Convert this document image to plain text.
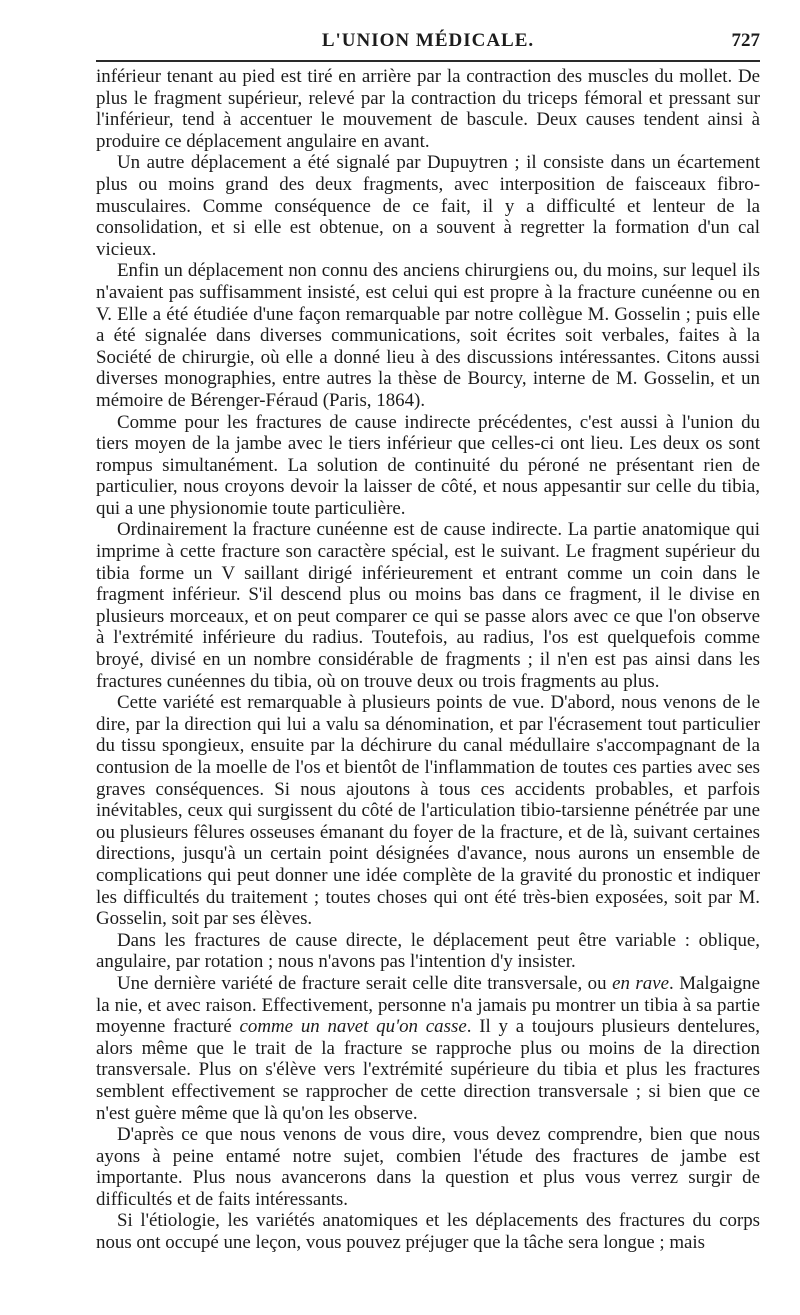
L'UNION MÉDICALE.	727

inférieur tenant au pied est tiré en arrière par la contraction des muscles du mollet. De plus le fragment supérieur, relevé par la contraction du triceps fémoral et pressant sur l'inférieur, tend à accentuer le mouvement de bascule. Deux causes tendent ainsi à produire ce déplacement angulaire en avant.

Un autre déplacement a été signalé par Dupuytren ; il consiste dans un écartement plus ou moins grand des deux fragments, avec interposition de faisceaux fibro-musculaires. Comme conséquence de ce fait, il y a difficulté et lenteur de la consolidation, et si elle est obtenue, on a souvent à regretter la formation d'un cal vicieux.

Enfin un déplacement non connu des anciens chirurgiens ou, du moins, sur lequel ils n'avaient pas suffisamment insisté, est celui qui est propre à la fracture cunéenne ou en V. Elle a été étudiée d'une façon remarquable par notre collègue M. Gosselin ; puis elle a été signalée dans diverses communications, soit écrites soit verbales, faites à la Société de chirurgie, où elle a donné lieu à des discussions intéressantes. Citons aussi diverses monographies, entre autres la thèse de Bourcy, interne de M. Gosselin, et un mémoire de Bérenger-Féraud (Paris, 1864).

Comme pour les fractures de cause indirecte précédentes, c'est aussi à l'union du tiers moyen de la jambe avec le tiers inférieur que celles-ci ont lieu. Les deux os sont rompus simultanément. La solution de continuité du péroné ne présentant rien de particulier, nous croyons devoir la laisser de côté, et nous appesantir sur celle du tibia, qui a une physionomie toute particulière.

Ordinairement la fracture cunéenne est de cause indirecte. La partie anatomique qui imprime à cette fracture son caractère spécial, est le suivant. Le fragment supérieur du tibia forme un V saillant dirigé inférieurement et entrant comme un coin dans le fragment inférieur. S'il descend plus ou moins bas dans ce fragment, il le divise en plusieurs morceaux, et on peut comparer ce qui se passe alors avec ce que l'on observe à l'extrémité inférieure du radius. Toutefois, au radius, l'os est quelquefois comme broyé, divisé en un nombre considérable de fragments ; il n'en est pas ainsi dans les fractures cunéennes du tibia, où on trouve deux ou trois fragments au plus.

Cette variété est remarquable à plusieurs points de vue. D'abord, nous venons de le dire, par la direction qui lui a valu sa dénomination, et par l'écrasement tout particulier du tissu spongieux, ensuite par la déchirure du canal médullaire s'accompagnant de la contusion de la moelle de l'os et bientôt de l'inflammation de toutes ces parties avec ses graves conséquences. Si nous ajoutons à tous ces accidents probables, et parfois inévitables, ceux qui surgissent du côté de l'articulation tibio-tarsienne pénétrée par une ou plusieurs fêlures osseuses émanant du foyer de la fracture, et de là, suivant certaines directions, jusqu'à un certain point désignées d'avance, nous aurons un ensemble de complications qui peut donner une idée complète de la gravité du pronostic et indiquer les difficultés du traitement ; toutes choses qui ont été très-bien exposées, soit par M. Gosselin, soit par ses élèves.

Dans les fractures de cause directe, le déplacement peut être variable : oblique, angulaire, par rotation ; nous n'avons pas l'intention d'y insister.

Une dernière variété de fracture serait celle dite transversale, ou en rave. Malgaigne la nie, et avec raison. Effectivement, personne n'a jamais pu montrer un tibia à sa partie moyenne fracturé comme un navet qu'on casse. Il y a toujours plusieurs dentelures, alors même que le trait de la fracture se rapproche plus ou moins de la direction transversale. Plus on s'élève vers l'extrémité supérieure du tibia et plus les fractures semblent effectivement se rapprocher de cette direction transversale ; si bien que ce n'est guère même que là qu'on les observe.

D'après ce que nous venons de vous dire, vous devez comprendre, bien que nous ayons à peine entamé notre sujet, combien l'étude des fractures de jambe est importante. Plus nous avancerons dans la question et plus vous verrez surgir de difficultés et de faits intéressants.

Si l'étiologie, les variétés anatomiques et les déplacements des fractures du corps nous ont occupé une leçon, vous pouvez préjuger que la tâche sera longue ; mais
